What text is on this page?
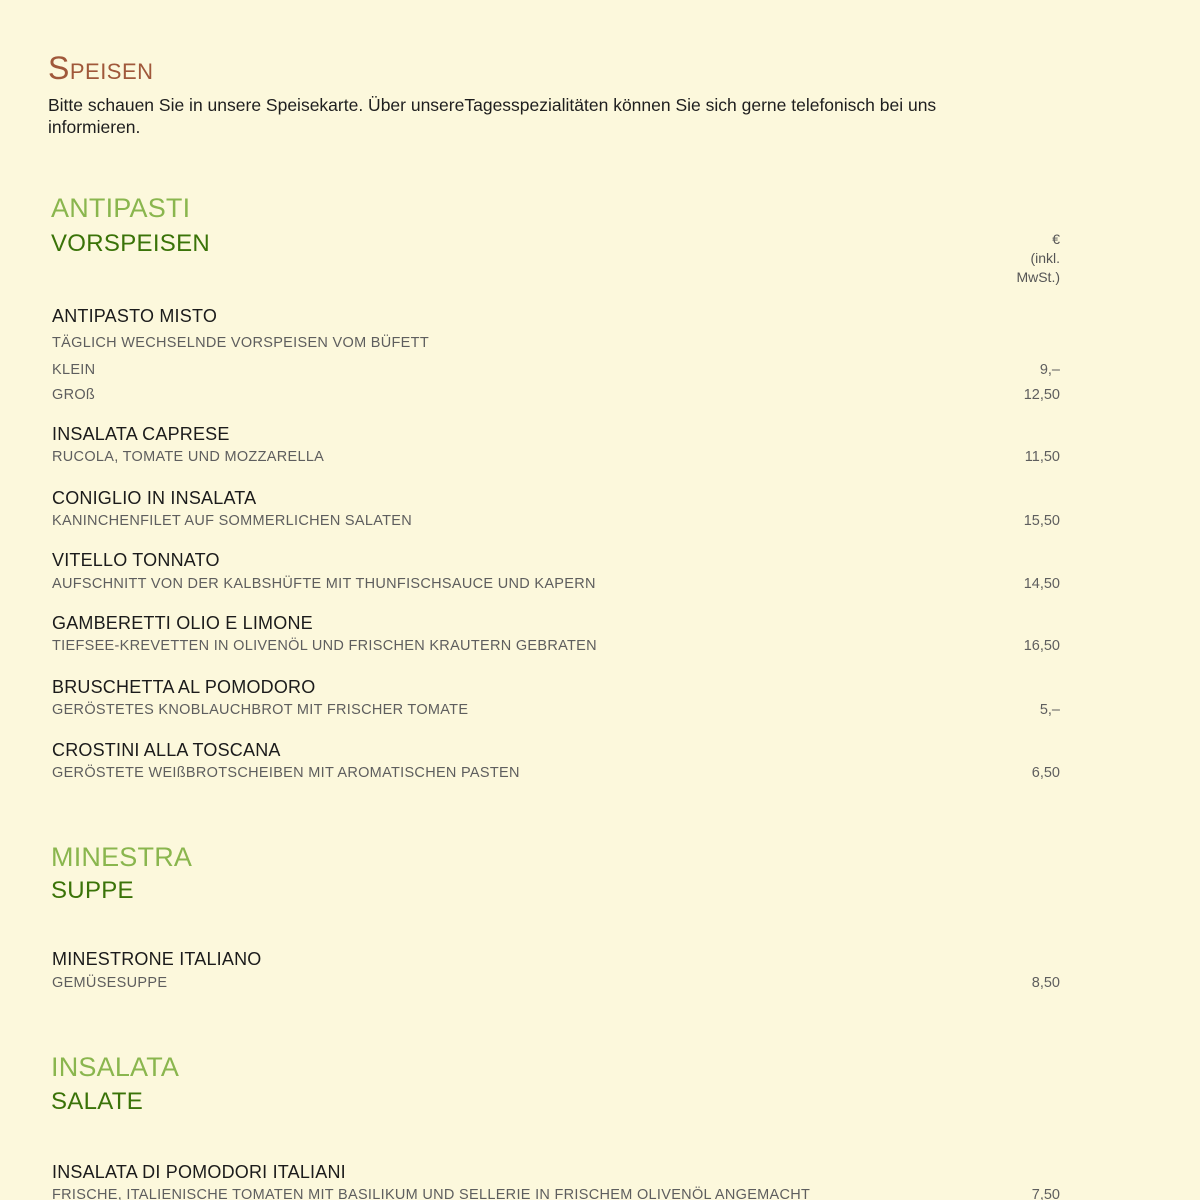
Speisen

Bitte schauen Sie in unsere Speisekarte. Über unsereTagesspezialitäten können Sie sich gerne telefonisch bei uns informieren.

ANTIPASTI
VORSPEISEN	€
(inkl.
MwSt.)
ANTIPASTO MISTO
TÄGLICH WECHSELNDE VORSPEISEN VOM BÜFETT
KLEIN	9,–
GROß	12,50
INSALATA CAPRESE
RUCOLA, TOMATE UND MOZZARELLA	11,50
CONIGLIO IN INSALATA
KANINCHENFILET AUF SOMMERLICHEN SALATEN	15,50
VITELLO TONNATO
AUFSCHNITT VON DER KALBSHÜFTE MIT THUNFISCHSAUCE UND KAPERN	14,50
GAMBERETTI OLIO E LIMONE
TIEFSEE-KREVETTEN IN OLIVENÖL UND FRISCHEN KRAUTERN GEBRATEN	16,50
BRUSCHETTA AL POMODORO
GERÖSTETES KNOBLAUCHBROT MIT FRISCHER TOMATE	5,–
CROSTINI ALLA TOSCANA
GERÖSTETE WEIßBROTSCHEIBEN MIT AROMATISCHEN PASTEN	6,50
MINESTRA
SUPPE
MINESTRONE ITALIANO
GEMÜSESUPPE	8,50
INSALATA
SALATE
INSALATA DI POMODORI ITALIANI
FRISCHE, ITALIENISCHE TOMATEN MIT BASILIKUM UND SELLERIE IN FRISCHEM OLIVENÖL ANGEMACHT	7,50
